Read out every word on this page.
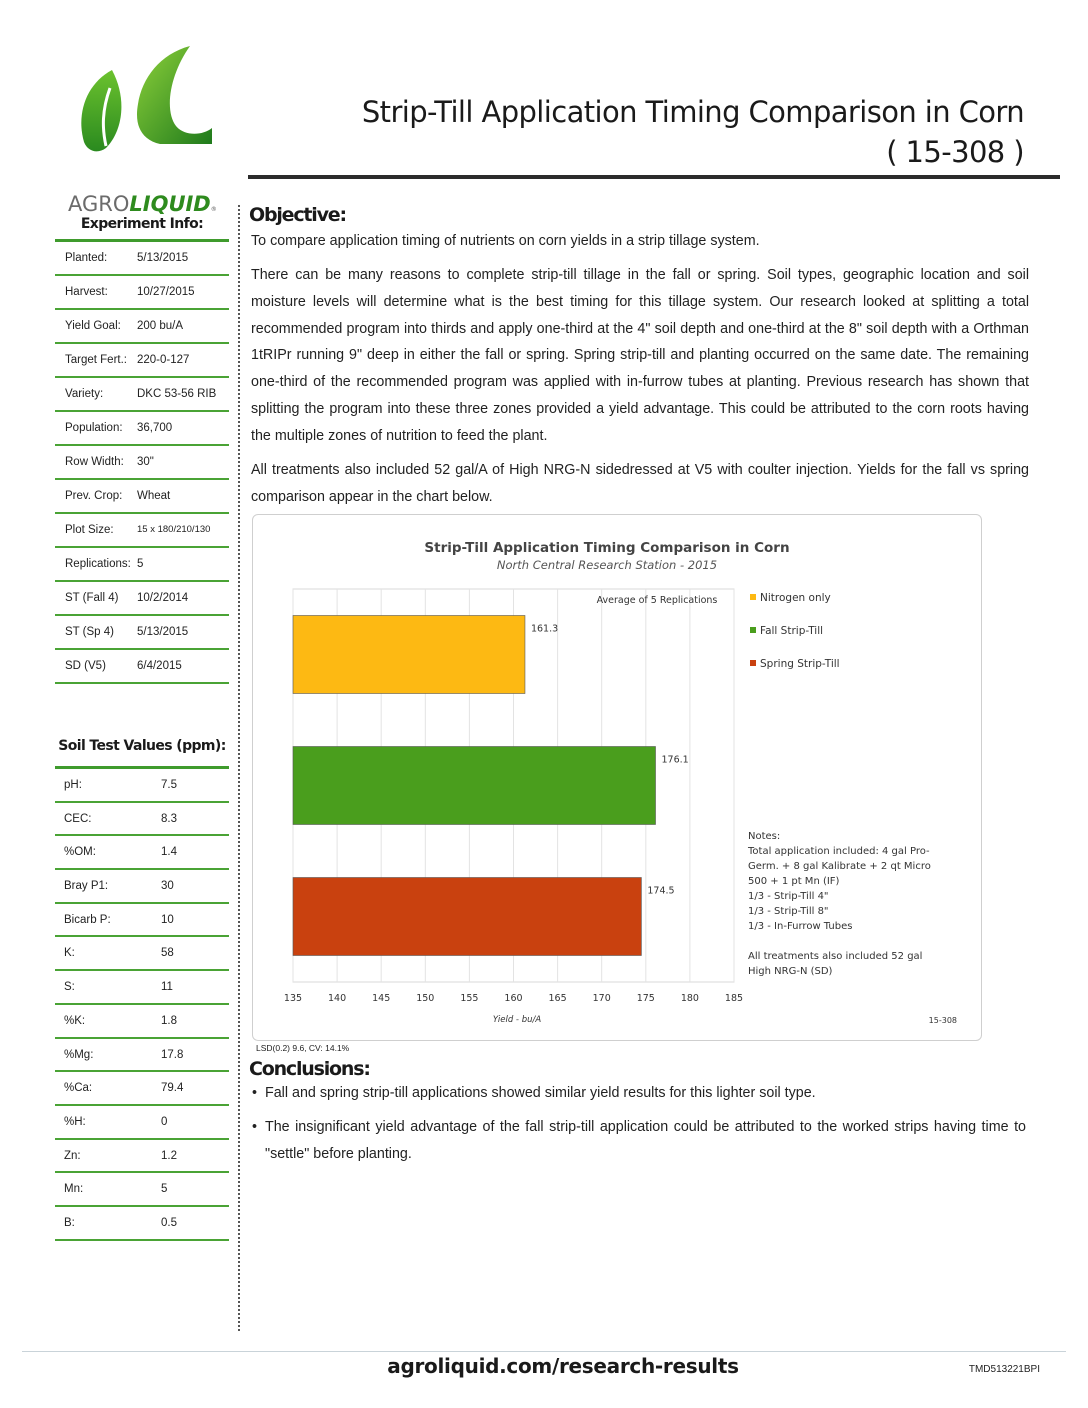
AGROLIQUID®
Strip-Till Application Timing Comparison in Corn
( 15-308 )
Experiment Info:
Planted:	5/13/2015
Harvest:	10/27/2015
Yield Goal: 200 bu/A
Target Fert.: 220-0-127
Variety:	DKC 53-56 RIB
Population: 36,700
Row Width: 30"
Prev. Crop: Wheat
Plot Size: 15 x 180/210/130
Replications: 5
ST (Fall 4) 10/2/2014
ST (Sp 4) 5/13/2015
SD (V5)	6/4/2015
Soil Test Values (ppm):
pH:	7.5
CEC:	8.3
%OM:	1.4
Bray P1:	30
Bicarb P:	10
K:	58
S:	11
%K:	1.8
%Mg:	17.8
%Ca:	79.4
%H:	0
Zn:	1.2
Mn:	5
B:	0.5
Objective:
To compare application timing of nutrients on corn yields in a strip tillage system.
There can be many reasons to complete strip-till tillage in the fall or spring. Soil types, geographic location and soil moisture levels will determine what is the best timing for this tillage system. Our research looked at splitting a total recommended program into thirds and apply one-third at the 4" soil depth and one-third at the 8" soil depth with a Orthman 1tRIPr running 9" deep in either the fall or spring. Spring strip-till and planting occurred on the same date. The remaining one-third of the recommended program was applied with in-furrow tubes at planting. Previous research has shown that splitting the program into these three zones provided a yield advantage. This could be attributed to the corn roots having the multiple zones of nutrition to feed the plant.
All treatments also included 52 gal/A of High NRG-N sidedressed at V5 with coulter injection. Yields for the fall vs spring comparison appear in the chart below.
Strip-Till Application Timing Comparison in Corn
North Central Research Station - 2015
161.3
176.1
174.5
135	140	145	150	155	160	165	170	175	180	185
Average of 5 Replications
Yield - bu/A
Nitrogen only
Fall Strip-Till
Spring Strip-Till
Notes:
Total application included: 4 gal Pro-
Germ. + 8 gal Kalibrate + 2 qt Micro
500 + 1 pt Mn (IF)
1/3 - Strip-Till 4"
1/3 - Strip-Till 8"
1/3 - In-Furrow Tubes
All treatments also included 52 gal
High NRG-N (SD)
15-308
LSD(0.2) 9.6, CV: 14.1%
Conclusions:
• Fall and spring strip-till applications showed similar yield results for this lighter soil type.
• The insignificant yield advantage of the fall strip-till application could be attributed to the worked strips having time to "settle" before planting.
agroliquid.com/research-results	TMD513221BPI
